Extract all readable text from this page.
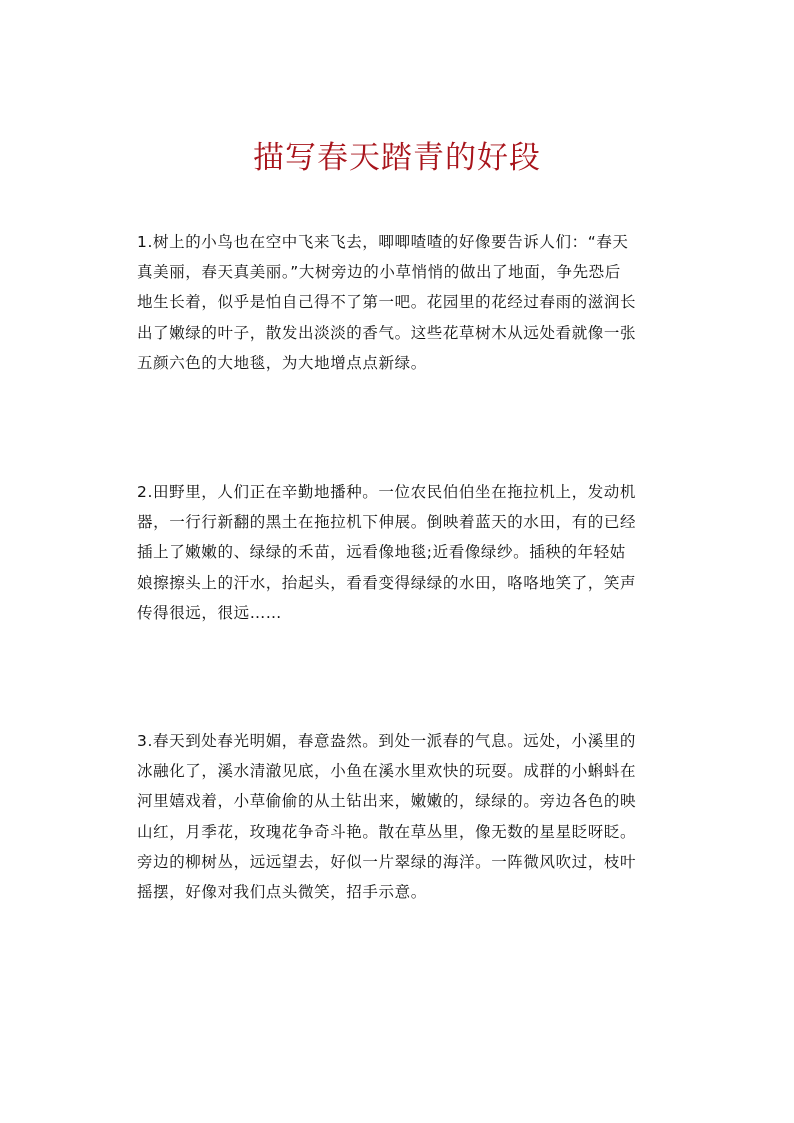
描写春天踏青的好段
1.树上的小鸟也在空中飞来飞去，唧唧喳喳的好像要告诉人们：“春天
真美丽，春天真美丽。”大树旁边的小草悄悄的做出了地面，争先恐后
地生长着，似乎是怕自己得不了第一吧。花园里的花经过春雨的滋润长
出了嫩绿的叶子，散发出淡淡的香气。这些花草树木从远处看就像一张
五颜六色的大地毯，为大地增点点新绿。
2.田野里，人们正在辛勤地播种。一位农民伯伯坐在拖拉机上，发动机
器，一行行新翻的黑土在拖拉机下伸展。倒映着蓝天的水田，有的已经
插上了嫩嫩的、绿绿的禾苗，远看像地毯;近看像绿纱。插秧的年轻姑
娘擦擦头上的汗水，抬起头，看看变得绿绿的水田，咯咯地笑了，笑声
传得很远，很远……
3.春天到处春光明媚，春意盎然。到处一派春的气息。远处，小溪里的
冰融化了，溪水清澈见底，小鱼在溪水里欢快的玩耍。成群的小蝌蚪在
河里嬉戏着，小草偷偷的从土钻出来，嫩嫩的，绿绿的。旁边各色的映
山红，月季花，玫瑰花争奇斗艳。散在草丛里，像无数的星星眨呀眨。
旁边的柳树丛，远远望去，好似一片翠绿的海洋。一阵微风吹过，枝叶
摇摆，好像对我们点头微笑，招手示意。
